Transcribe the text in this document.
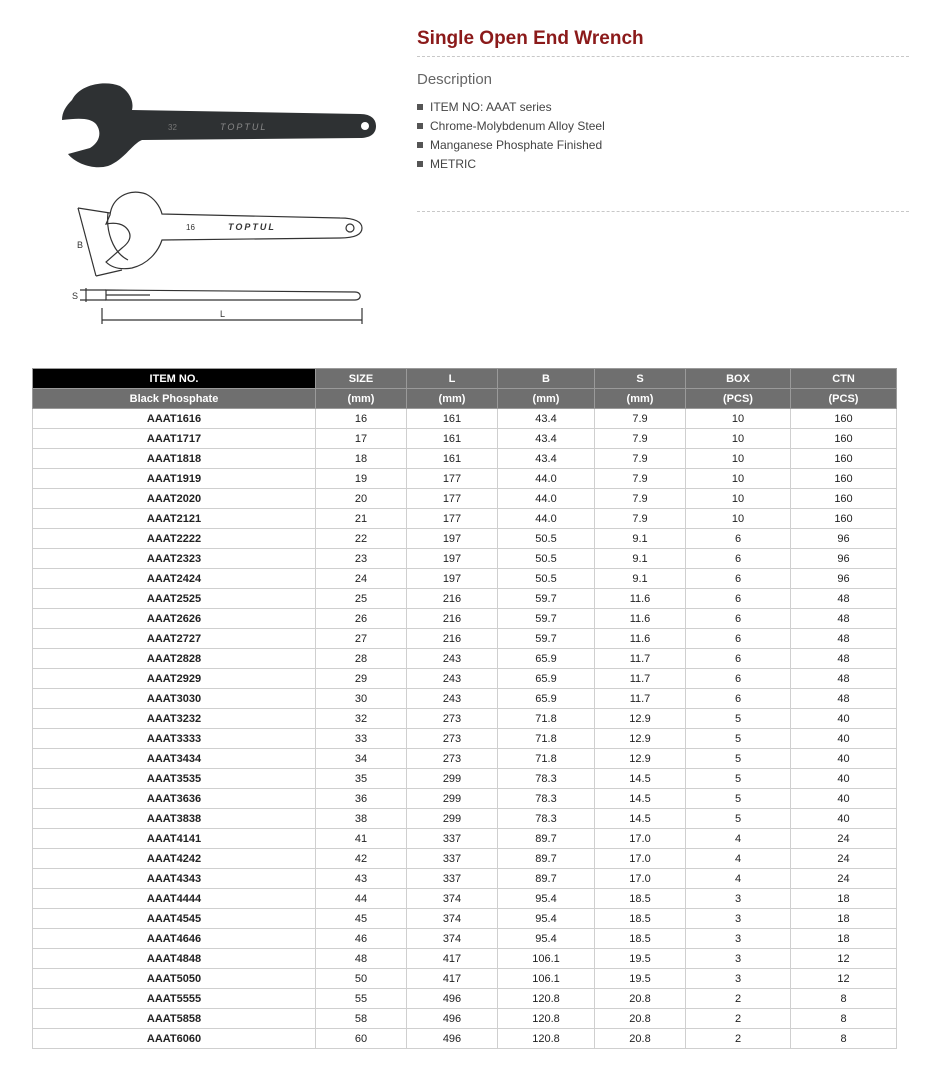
32	TOPTUL
16	TOPTUL
B
S
L
Single Open End Wrench
Description
ITEM NO: AAAT series
Chrome-Molybdenum Alloy Steel
Manganese Phosphate Finished
METRIC
ITEM NO.	SIZE	L	B	S	BOX	CTN
Black Phosphate	(mm)	(mm)	(mm)	(mm)	(PCS)	(PCS)
AAAT1616	16	161	43.4	7.9	10	160
AAAT1717	17	161	43.4	7.9	10	160
AAAT1818	18	161	43.4	7.9	10	160
AAAT1919	19	177	44.0	7.9	10	160
AAAT2020	20	177	44.0	7.9	10	160
AAAT2121	21	177	44.0	7.9	10	160
AAAT2222	22	197	50.5	9.1	6	96
AAAT2323	23	197	50.5	9.1	6	96
AAAT2424	24	197	50.5	9.1	6	96
AAAT2525	25	216	59.7	11.6	6	48
AAAT2626	26	216	59.7	11.6	6	48
AAAT2727	27	216	59.7	11.6	6	48
AAAT2828	28	243	65.9	11.7	6	48
AAAT2929	29	243	65.9	11.7	6	48
AAAT3030	30	243	65.9	11.7	6	48
AAAT3232	32	273	71.8	12.9	5	40
AAAT3333	33	273	71.8	12.9	5	40
AAAT3434	34	273	71.8	12.9	5	40
AAAT3535	35	299	78.3	14.5	5	40
AAAT3636	36	299	78.3	14.5	5	40
AAAT3838	38	299	78.3	14.5	5	40
AAAT4141	41	337	89.7	17.0	4	24
AAAT4242	42	337	89.7	17.0	4	24
AAAT4343	43	337	89.7	17.0	4	24
AAAT4444	44	374	95.4	18.5	3	18
AAAT4545	45	374	95.4	18.5	3	18
AAAT4646	46	374	95.4	18.5	3	18
AAAT4848	48	417	106.1	19.5	3	12
AAAT5050	50	417	106.1	19.5	3	12
AAAT5555	55	496	120.8	20.8	2	8
AAAT5858	58	496	120.8	20.8	2	8
AAAT6060	60	496	120.8	20.8	2	8
